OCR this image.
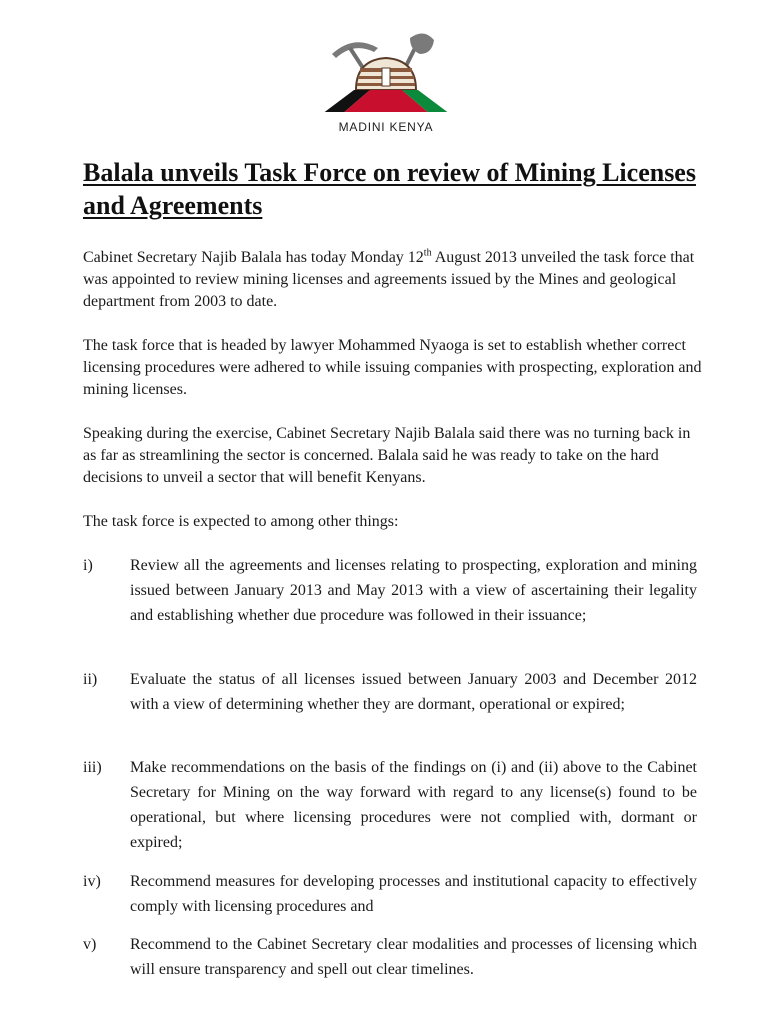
MADINI KENYA
Balala unveils Task Force on review of Mining Licenses and Agreements

Cabinet Secretary Najib Balala has today Monday 12th August 2013 unveiled the task force that was appointed to review mining licenses and agreements issued by the Mines and geological department from 2003 to date.

The task force that is headed by lawyer Mohammed Nyaoga is set to establish whether correct licensing procedures were adhered to while issuing companies with prospecting, exploration and mining licenses.

Speaking during the exercise, Cabinet Secretary Najib Balala said there was no turning back in as far as streamlining the sector is concerned. Balala said he was ready to take on the hard decisions to unveil a sector that will benefit Kenyans.

The task force is expected to among other things:

i) Review all the agreements and licenses relating to prospecting, exploration and mining issued between January 2013 and May 2013 with a view of ascertaining their legality and establishing whether due procedure was followed in their issuance;
ii) Evaluate the status of all licenses issued between January 2003 and December 2012 with a view of determining whether they are dormant, operational or expired;
iii) Make recommendations on the basis of the findings on (i) and (ii) above to the Cabinet Secretary for Mining on the way forward with regard to any license(s) found to be operational, but where licensing procedures were not complied with, dormant or expired;
iv) Recommend measures for developing processes and institutional capacity to effectively comply with licensing procedures and
v) Recommend to the Cabinet Secretary clear modalities and processes of licensing which will ensure transparency and spell out clear timelines.
